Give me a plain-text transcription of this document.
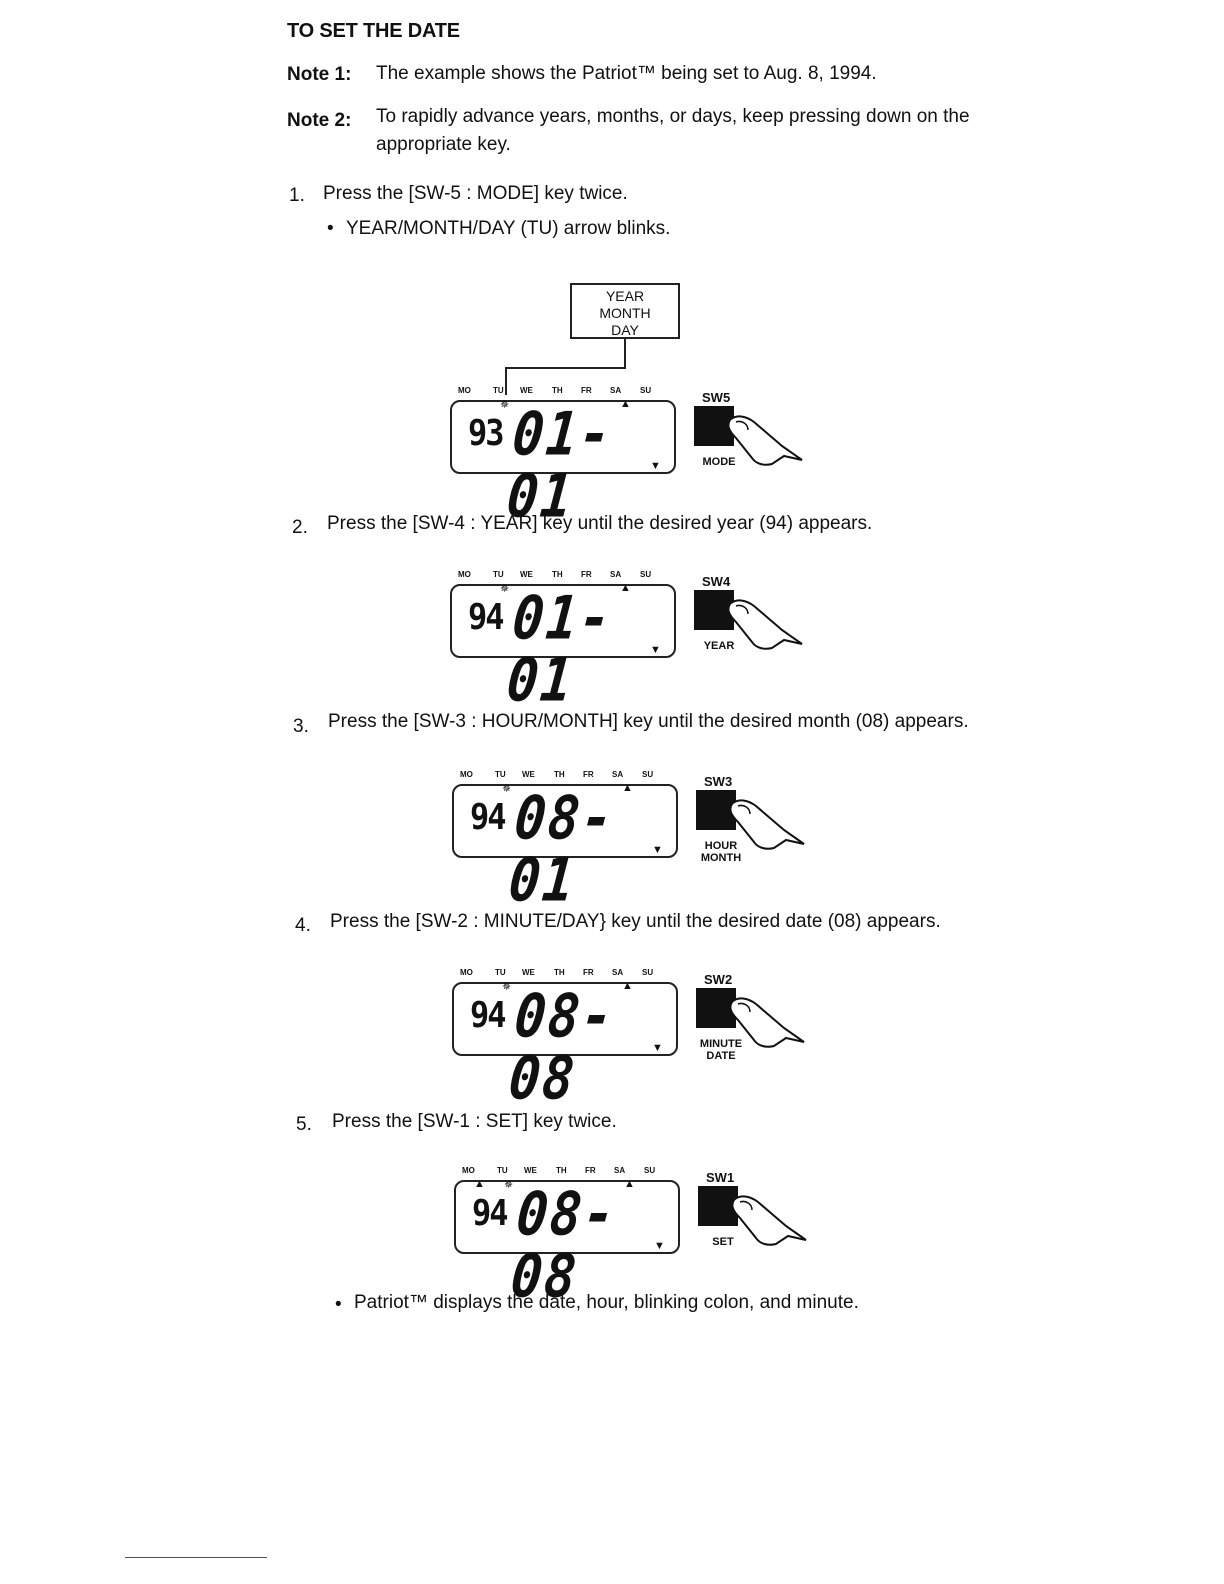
TO SET THE DATE
Note 1: The example shows the Patriot™ being set to Aug. 8, 1994.
Note 2: To rapidly advance years, months, or days, keep pressing down on the appropriate key.
1. Press the [SW-5 : MODE] key twice.
• YEAR/MONTH/DAY (TU) arrow blinks.
YEAR
MONTH
DAY
MO	TU WE TH FR SA SU
✵	▲
▼
93 01-01
SW5
MODE
2. Press the [SW-4 : YEAR] key until the desired year (94) appears.
MO	TU WE TH FR SA SU
✵	▲
▼
94 01-01
SW4
YEAR
3. Press the [SW-3 : HOUR/MONTH] key until the desired month (08) appears.
MO	TU WE TH FR SA SU
✵	▲
▼
94 08-01
SW3
HOUR
MONTH
4. Press the [SW-2 : MINUTE/DAY} key until the desired date (08) appears.
MO	TU WE TH FR SA SU
✵	▲
▼
94 08-08
SW2
MINUTE
DATE
5. Press the [SW-1 : SET] key twice.
MO	TU WE TH FR SA SU
✵
▲	▲
▼
94 08-08
SW1
SET
• Patriot™ displays the date, hour, blinking colon, and minute.
